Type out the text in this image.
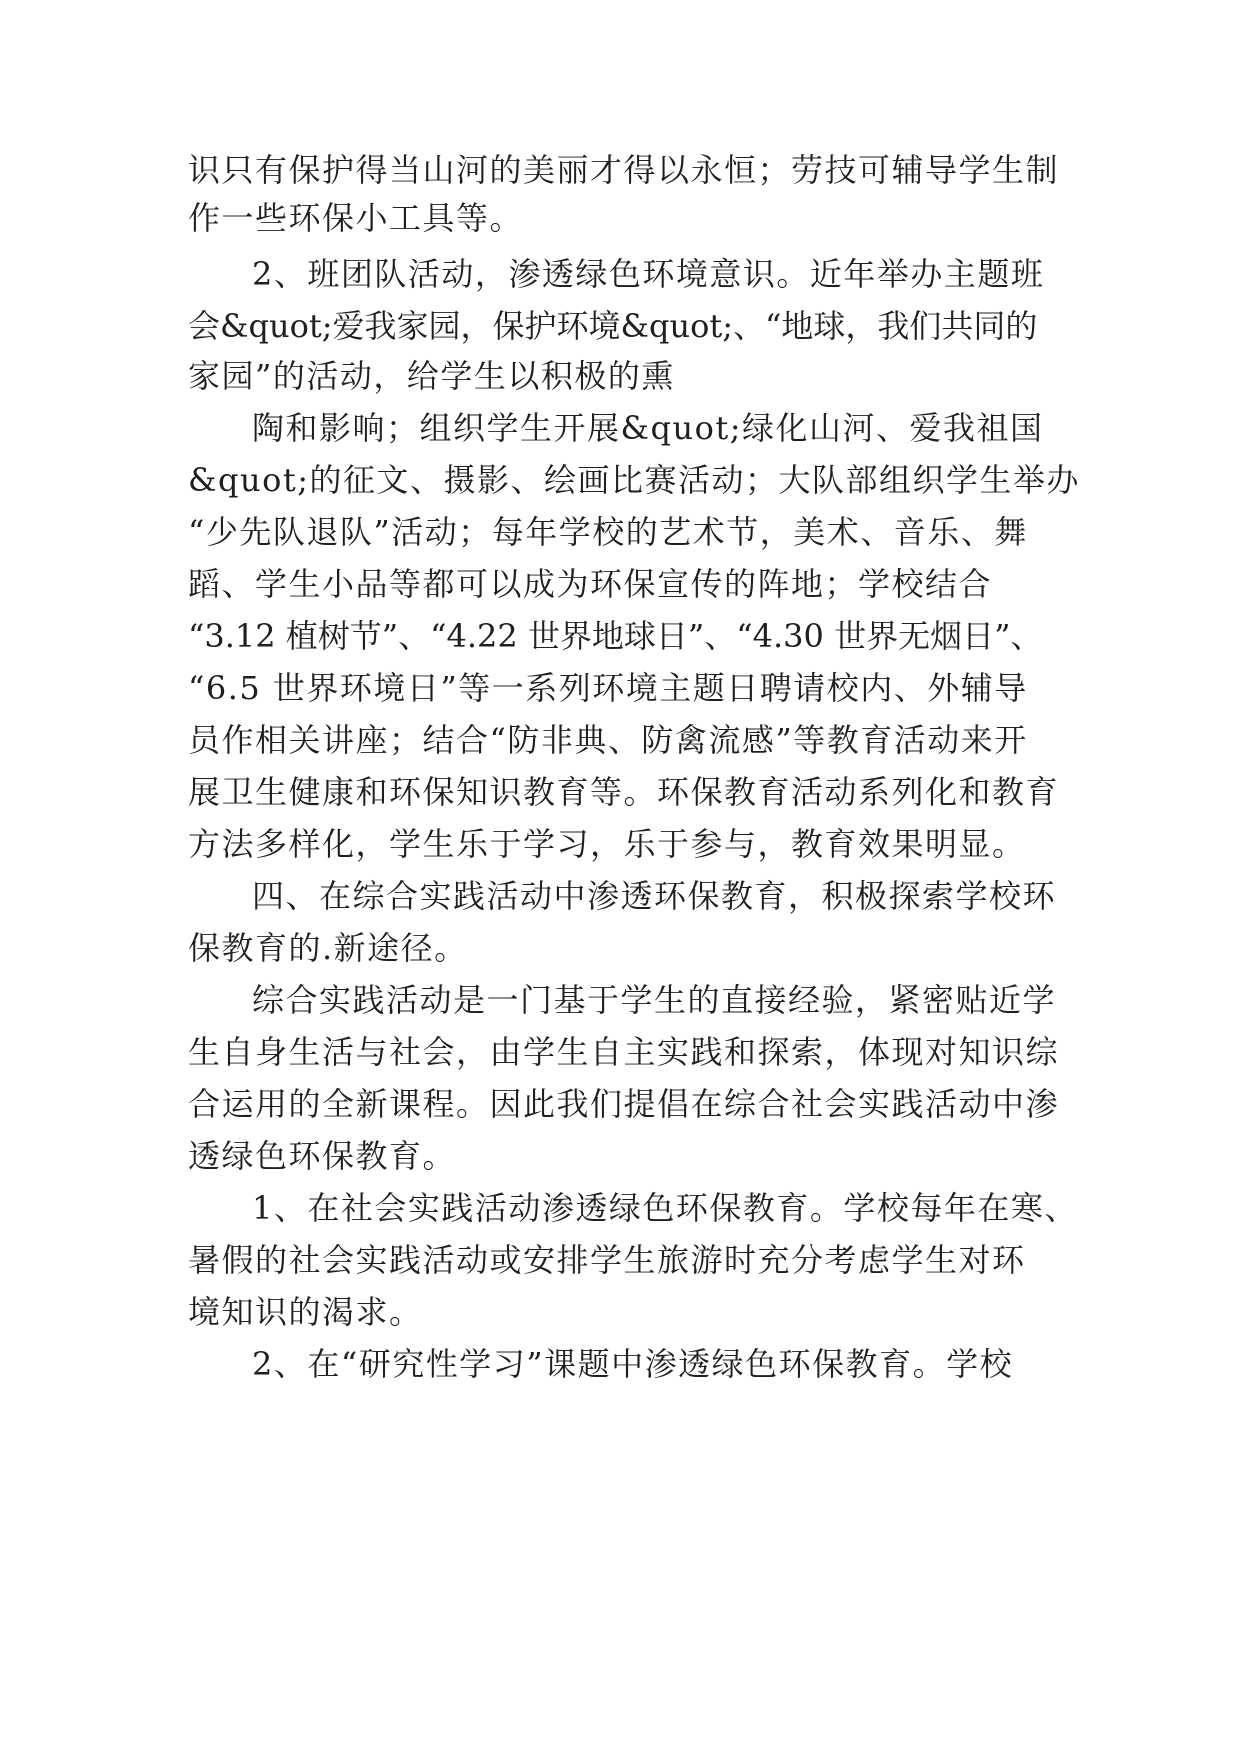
识只有保护得当山河的美丽才得以永恒；劳技可辅导学生制
作一些环保小工具等。
2、班团队活动，渗透绿色环境意识。近年举办主题班
会&quot;爱我家园，保护环境&quot;、“地球，我们共同的
家园”的活动，给学生以积极的熏
陶和影响；组织学生开展&quot;绿化山河、爱我祖国
&quot;的征文、摄影、绘画比赛活动；大队部组织学生举办
“少先队退队”活动；每年学校的艺术节，美术、音乐、舞
蹈、学生小品等都可以成为环保宣传的阵地；学校结合
“3.12 植树节”、“4.22 世界地球日”、“4.30 世界无烟日”、
“6.5 世界环境日”等一系列环境主题日聘请校内、外辅导
员作相关讲座；结合“防非典、防禽流感”等教育活动来开
展卫生健康和环保知识教育等。环保教育活动系列化和教育
方法多样化，学生乐于学习，乐于参与，教育效果明显。
四、在综合实践活动中渗透环保教育，积极探索学校环
保教育的.新途径。
综合实践活动是一门基于学生的直接经验，紧密贴近学
生自身生活与社会，由学生自主实践和探索，体现对知识综
合运用的全新课程。因此我们提倡在综合社会实践活动中渗
透绿色环保教育。
1、在社会实践活动渗透绿色环保教育。学校每年在寒、
暑假的社会实践活动或安排学生旅游时充分考虑学生对环
境知识的渴求。
2、在“研究性学习”课题中渗透绿色环保教育。学校
